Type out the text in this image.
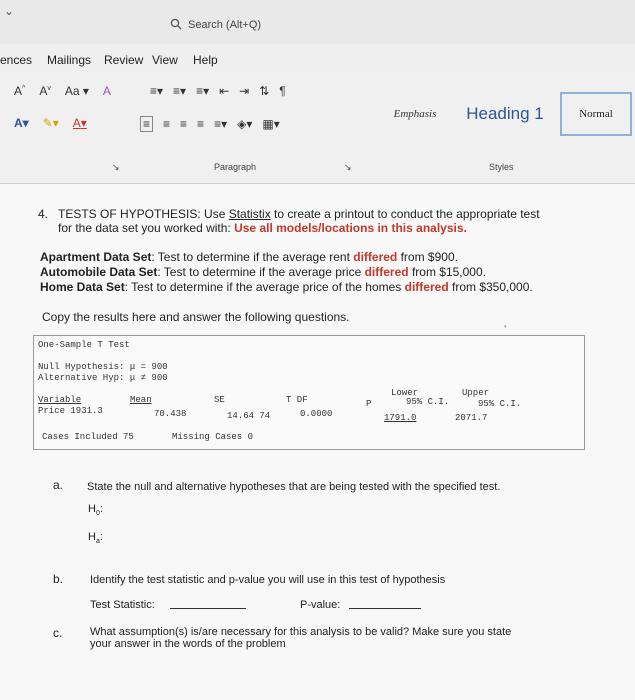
⌄
Search (Alt+Q)
ences Mailings Review View Help
A^ $A^v$ Aa ▾ A	≡▾ ≡▾ ≡▾ ⇤ ⇥ ⇅ ¶
A▾ ✎▾ A▾	≡ ≡ ≡ ≡ ≡▾ ◈▾ ▦▾
Emphasis	Heading 1	Normal
↘	Paragraph	↘	Styles
4. TESTS OF HYPOTHESIS: Use Statistix to create a printout to conduct the appropriate test
for the data set you worked with: Use all models/locations in this analysis.
Apartment Data Set: Test to determine if the average rent differed from $900.
Automobile Data Set: Test to determine if the average price differed from $15,000.
Home Data Set: Test to determine if the average price of the homes differed from $350,000.
Copy the results here and answer the following questions.
One-Sample T Test
Null Hypothesis: μ = 900
Alternative Hyp: μ ≠ 900
Variable	Mean	SE	T DF	P
Lower
95% C.I.
Upper
95% C.I.
Price 1931.3	70.438	14.64 74	0.0000	1791.0	2071.7
Cases Included 75	Missing Cases 0
a. State the null and alternative hypotheses that are being tested with the specified test.
$H_0$:
$H_a$:
b. Identify the test statistic and p-value you will use in this test of hypothesis
Test Statistic:	P-value:
c.	What assumption(s) is/are necessary for this analysis to be valid? Make sure you state
your answer in the words of the problem
•
